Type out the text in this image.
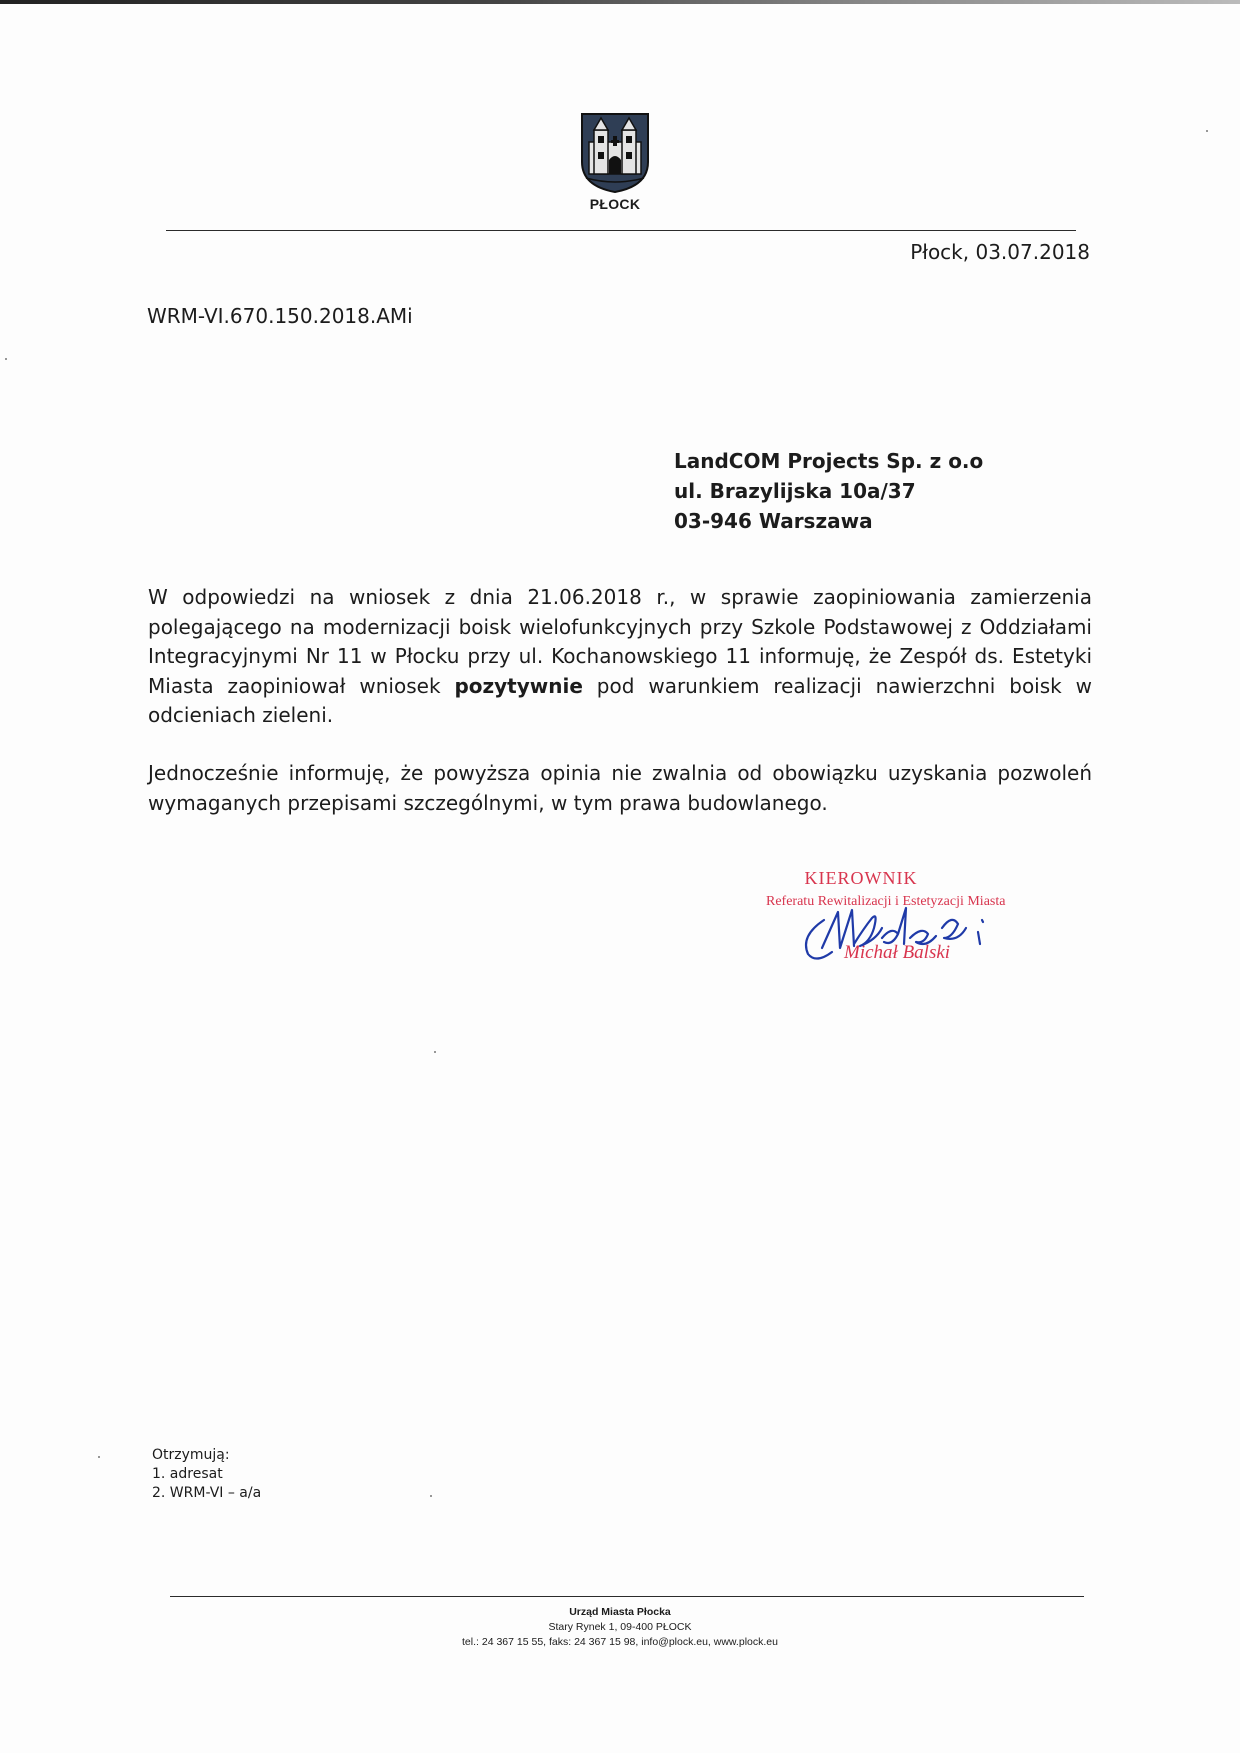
PŁOCK
Płock, 03.07.2018
WRM-VI.670.150.2018.AMi
LandCOM Projects Sp. z o.o
ul. Brazylijska 10a/37
03-946 Warszawa
W odpowiedzi na wniosek z dnia 21.06.2018 r., w sprawie zaopiniowania zamierzenia polegającego na modernizacji boisk wielofunkcyjnych przy Szkole Podstawowej z Oddziałami Integracyjnymi Nr 11 w Płocku przy ul. Kochanowskiego 11 informuję, że Zespół ds. Estetyki Miasta zaopiniował wniosek pozytywnie pod warunkiem realizacji nawierzchni boisk w odcieniach zieleni.
Jednocześnie informuję, że powyższa opinia nie zwalnia od obowiązku uzyskania pozwoleń wymaganych przepisami szczególnymi, w tym prawa budowlanego.
KIEROWNIK
Referatu Rewitalizacji i Estetyzacji Miasta
Michał Balski
Otrzymują:
1. adresat
2. WRM-VI – a/a
Urząd Miasta Płocka
Stary Rynek 1, 09-400 PŁOCK
tel.: 24 367 15 55, faks: 24 367 15 98, info@plock.eu, www.plock.eu
